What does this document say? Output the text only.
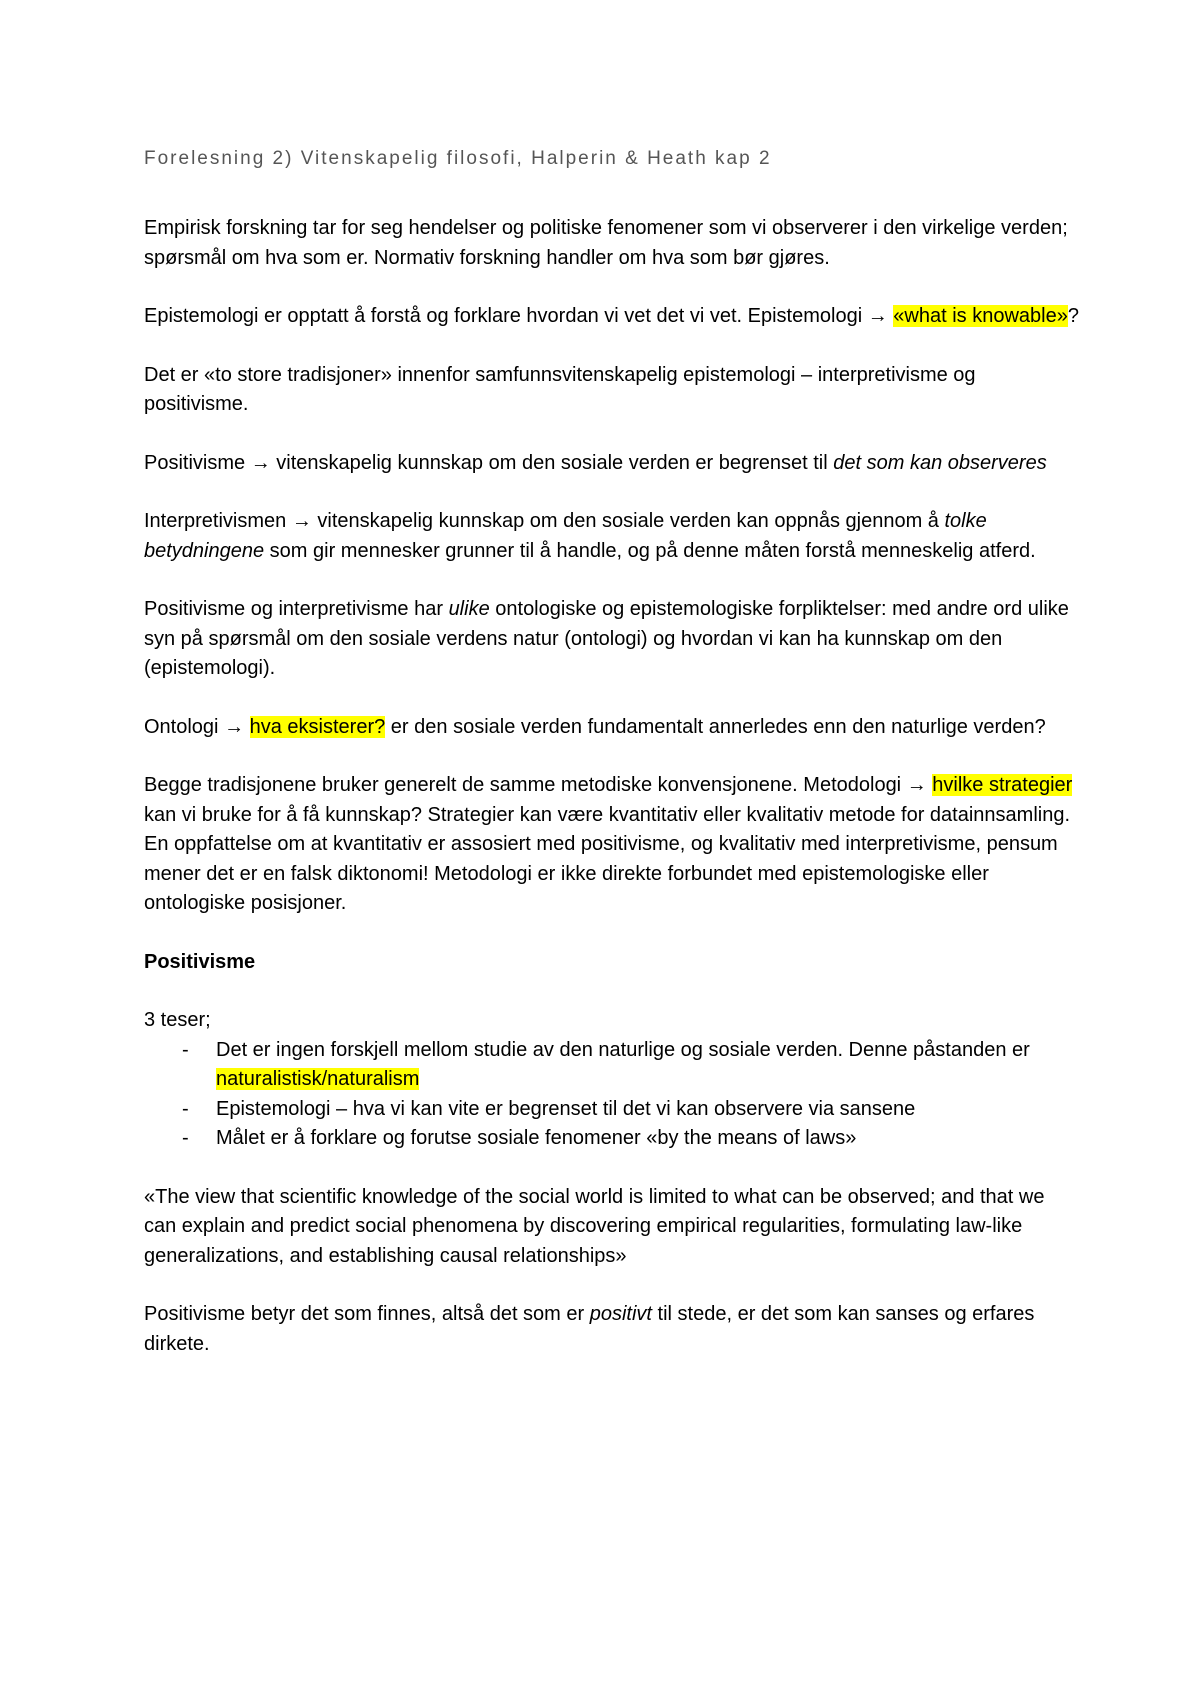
Forelesning 2) Vitenskapelig filosofi, Halperin & Heath kap 2

Empirisk forskning tar for seg hendelser og politiske fenomener som vi observerer i den virkelige verden; spørsmål om hva som er. Normativ forskning handler om hva som bør gjøres.

Epistemologi er opptatt å forstå og forklare hvordan vi vet det vi vet. Epistemologi → «what is knowable»?

Det er «to store tradisjoner» innenfor samfunnsvitenskapelig epistemologi – interpretivisme og positivisme.

Positivisme → vitenskapelig kunnskap om den sosiale verden er begrenset til det som kan observeres

Interpretivismen → vitenskapelig kunnskap om den sosiale verden kan oppnås gjennom å tolke betydningene som gir mennesker grunner til å handle, og på denne måten forstå menneskelig atferd.

Positivisme og interpretivisme har ulike ontologiske og epistemologiske forpliktelser: med andre ord ulike syn på spørsmål om den sosiale verdens natur (ontologi) og hvordan vi kan ha kunnskap om den (epistemologi).

Ontologi → hva eksisterer? er den sosiale verden fundamentalt annerledes enn den naturlige verden?

Begge tradisjonene bruker generelt de samme metodiske konvensjonene. Metodologi → hvilke strategier kan vi bruke for å få kunnskap? Strategier kan være kvantitativ eller kvalitativ metode for datainnsamling. En oppfattelse om at kvantitativ er assosiert med positivisme, og kvalitativ med interpretivisme, pensum mener det er en falsk diktonomi! Metodologi er ikke direkte forbundet med epistemologiske eller ontologiske posisjoner.

Positivisme

3 teser;

- Det er ingen forskjell mellom studie av den naturlige og sosiale verden. Denne påstanden er naturalistisk/naturalism
- Epistemologi – hva vi kan vite er begrenset til det vi kan observere via sansene
- Målet er å forklare og forutse sosiale fenomener «by the means of laws»

«The view that scientific knowledge of the social world is limited to what can be observed; and that we can explain and predict social phenomena by discovering empirical regularities, formulating law-like generalizations, and establishing causal relationships»

Positivisme betyr det som finnes, altså det som er positivt til stede, er det som kan sanses og erfares dirkete.
